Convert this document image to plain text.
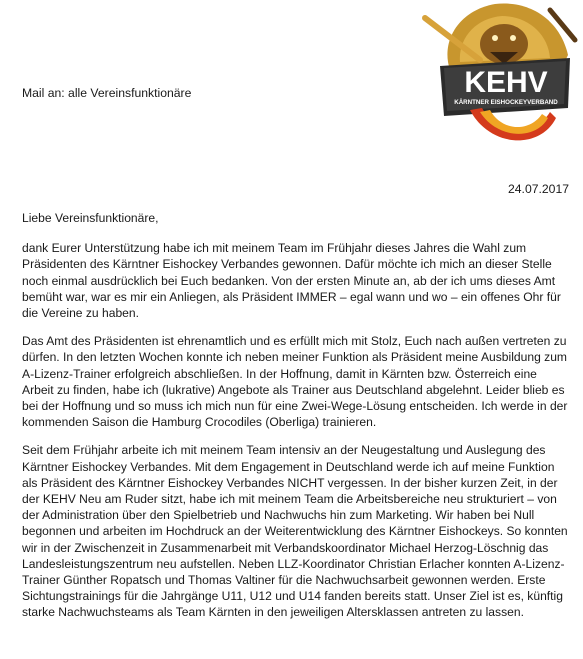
KEHV
KÄRNTNER EISHOCKEYVERBAND
Mail an: alle Vereinsfunktionäre
24.07.2017

Liebe Vereinsfunktionäre,

dank Eurer Unterstützung habe ich mit meinem Team im Frühjahr dieses Jahres die Wahl zum Präsidenten des Kärntner Eishockey Verbandes gewonnen. Dafür möchte ich mich an dieser Stelle noch einmal ausdrücklich bei Euch bedanken. Von der ersten Minute an, ab der ich ums dieses Amt bemüht war, war es mir ein Anliegen, als Präsident IMMER – egal wann und wo – ein offenes Ohr für die Vereine zu haben.

Das Amt des Präsidenten ist ehrenamtlich und es erfüllt mich mit Stolz, Euch nach außen vertreten zu dürfen. In den letzten Wochen konnte ich neben meiner Funktion als Präsident meine Ausbildung zum A-Lizenz-Trainer erfolgreich abschließen. In der Hoffnung, damit in Kärnten bzw. Österreich eine Arbeit zu finden, habe ich (lukrative) Angebote als Trainer aus Deutschland abgelehnt. Leider blieb es bei der Hoffnung und so muss ich mich nun für eine Zwei-Wege-Lösung entscheiden. Ich werde in der kommenden Saison die Hamburg Crocodiles (Oberliga) trainieren.

Seit dem Frühjahr arbeite ich mit meinem Team intensiv an der Neugestaltung und Auslegung des Kärntner Eishockey Verbandes. Mit dem Engagement in Deutschland werde ich auf meine Funktion als Präsident des Kärntner Eishockey Verbandes NICHT vergessen. In der bisher kurzen Zeit, in der der KEHV Neu am Ruder sitzt, habe ich mit meinem Team die Arbeitsbereiche neu strukturiert – von der Administration über den Spielbetrieb und Nachwuchs hin zum Marketing. Wir haben bei Null begonnen und arbeiten im Hochdruck an der Weiterentwicklung des Kärntner Eishockeys. So konnten wir in der Zwischenzeit in Zusammenarbeit mit Verbandskoordinator Michael Herzog-Löschnig das Landesleistungszentrum neu aufstellen. Neben LLZ-Koordinator Christian Erlacher konnten A-Lizenz-Trainer Günther Ropatsch und Thomas Valtiner für die Nachwuchsarbeit gewonnen werden. Erste Sichtungstrainings für die Jahrgänge U11, U12 und U14 fanden bereits statt. Unser Ziel ist es, künftig starke Nachwuchsteams als Team Kärnten in den jeweiligen Altersklassen antreten zu lassen.
